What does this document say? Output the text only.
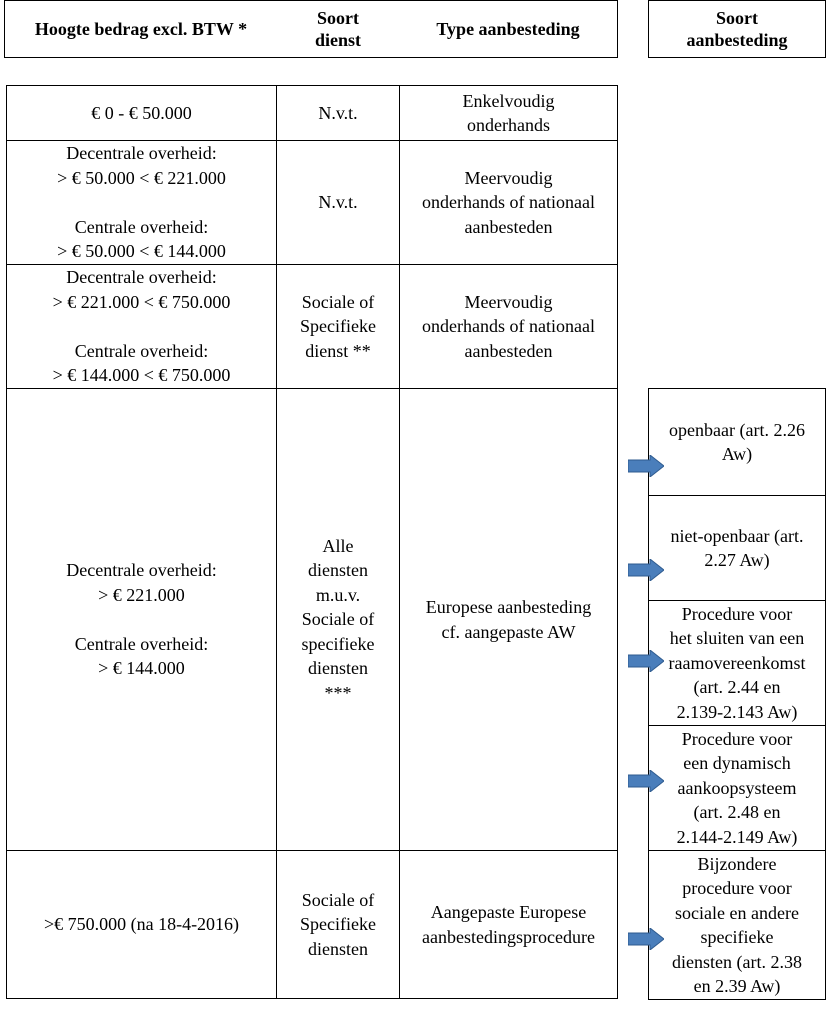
Hoogte bedrag excl. BTW *
Soort
dienst
Type aanbesteding
Soort
aanbesteding
€ 0 - € 50.000	N.v.t.
Enkelvoudig
onderhands
Decentrale overheid:
> € 50.000 < € 221.000

Centrale overheid:
> € 50.000 < € 144.000
N.v.t.
Meervoudig
onderhands of nationaal
aanbesteden
Decentrale overheid:
> € 221.000 < € 750.000

Centrale overheid:
> € 144.000 < € 750.000
Sociale of
Specifieke
dienst **
Meervoudig
onderhands of nationaal
aanbesteden
Decentrale overheid:
> € 221.000

Centrale overheid:
> € 144.000
Alle
diensten
m.u.v.
Sociale of
specifieke
diensten
***
Europese aanbesteding
cf. aangepaste AW
>€ 750.000 (na 18-4-2016)
Sociale of
Specifieke
diensten
Aangepaste Europese
aanbestedingsprocedure
openbaar (art. 2.26
Aw)
niet-openbaar (art.
2.27 Aw)
Procedure voor
het sluiten van een
raamovereenkomst
(art. 2.44 en
2.139-2.143 Aw)
Procedure voor
een dynamisch
aankoopsysteem
(art. 2.48 en
2.144-2.149 Aw)
Bijzondere
procedure voor
sociale en andere
specifieke
diensten (art. 2.38
en 2.39 Aw)
